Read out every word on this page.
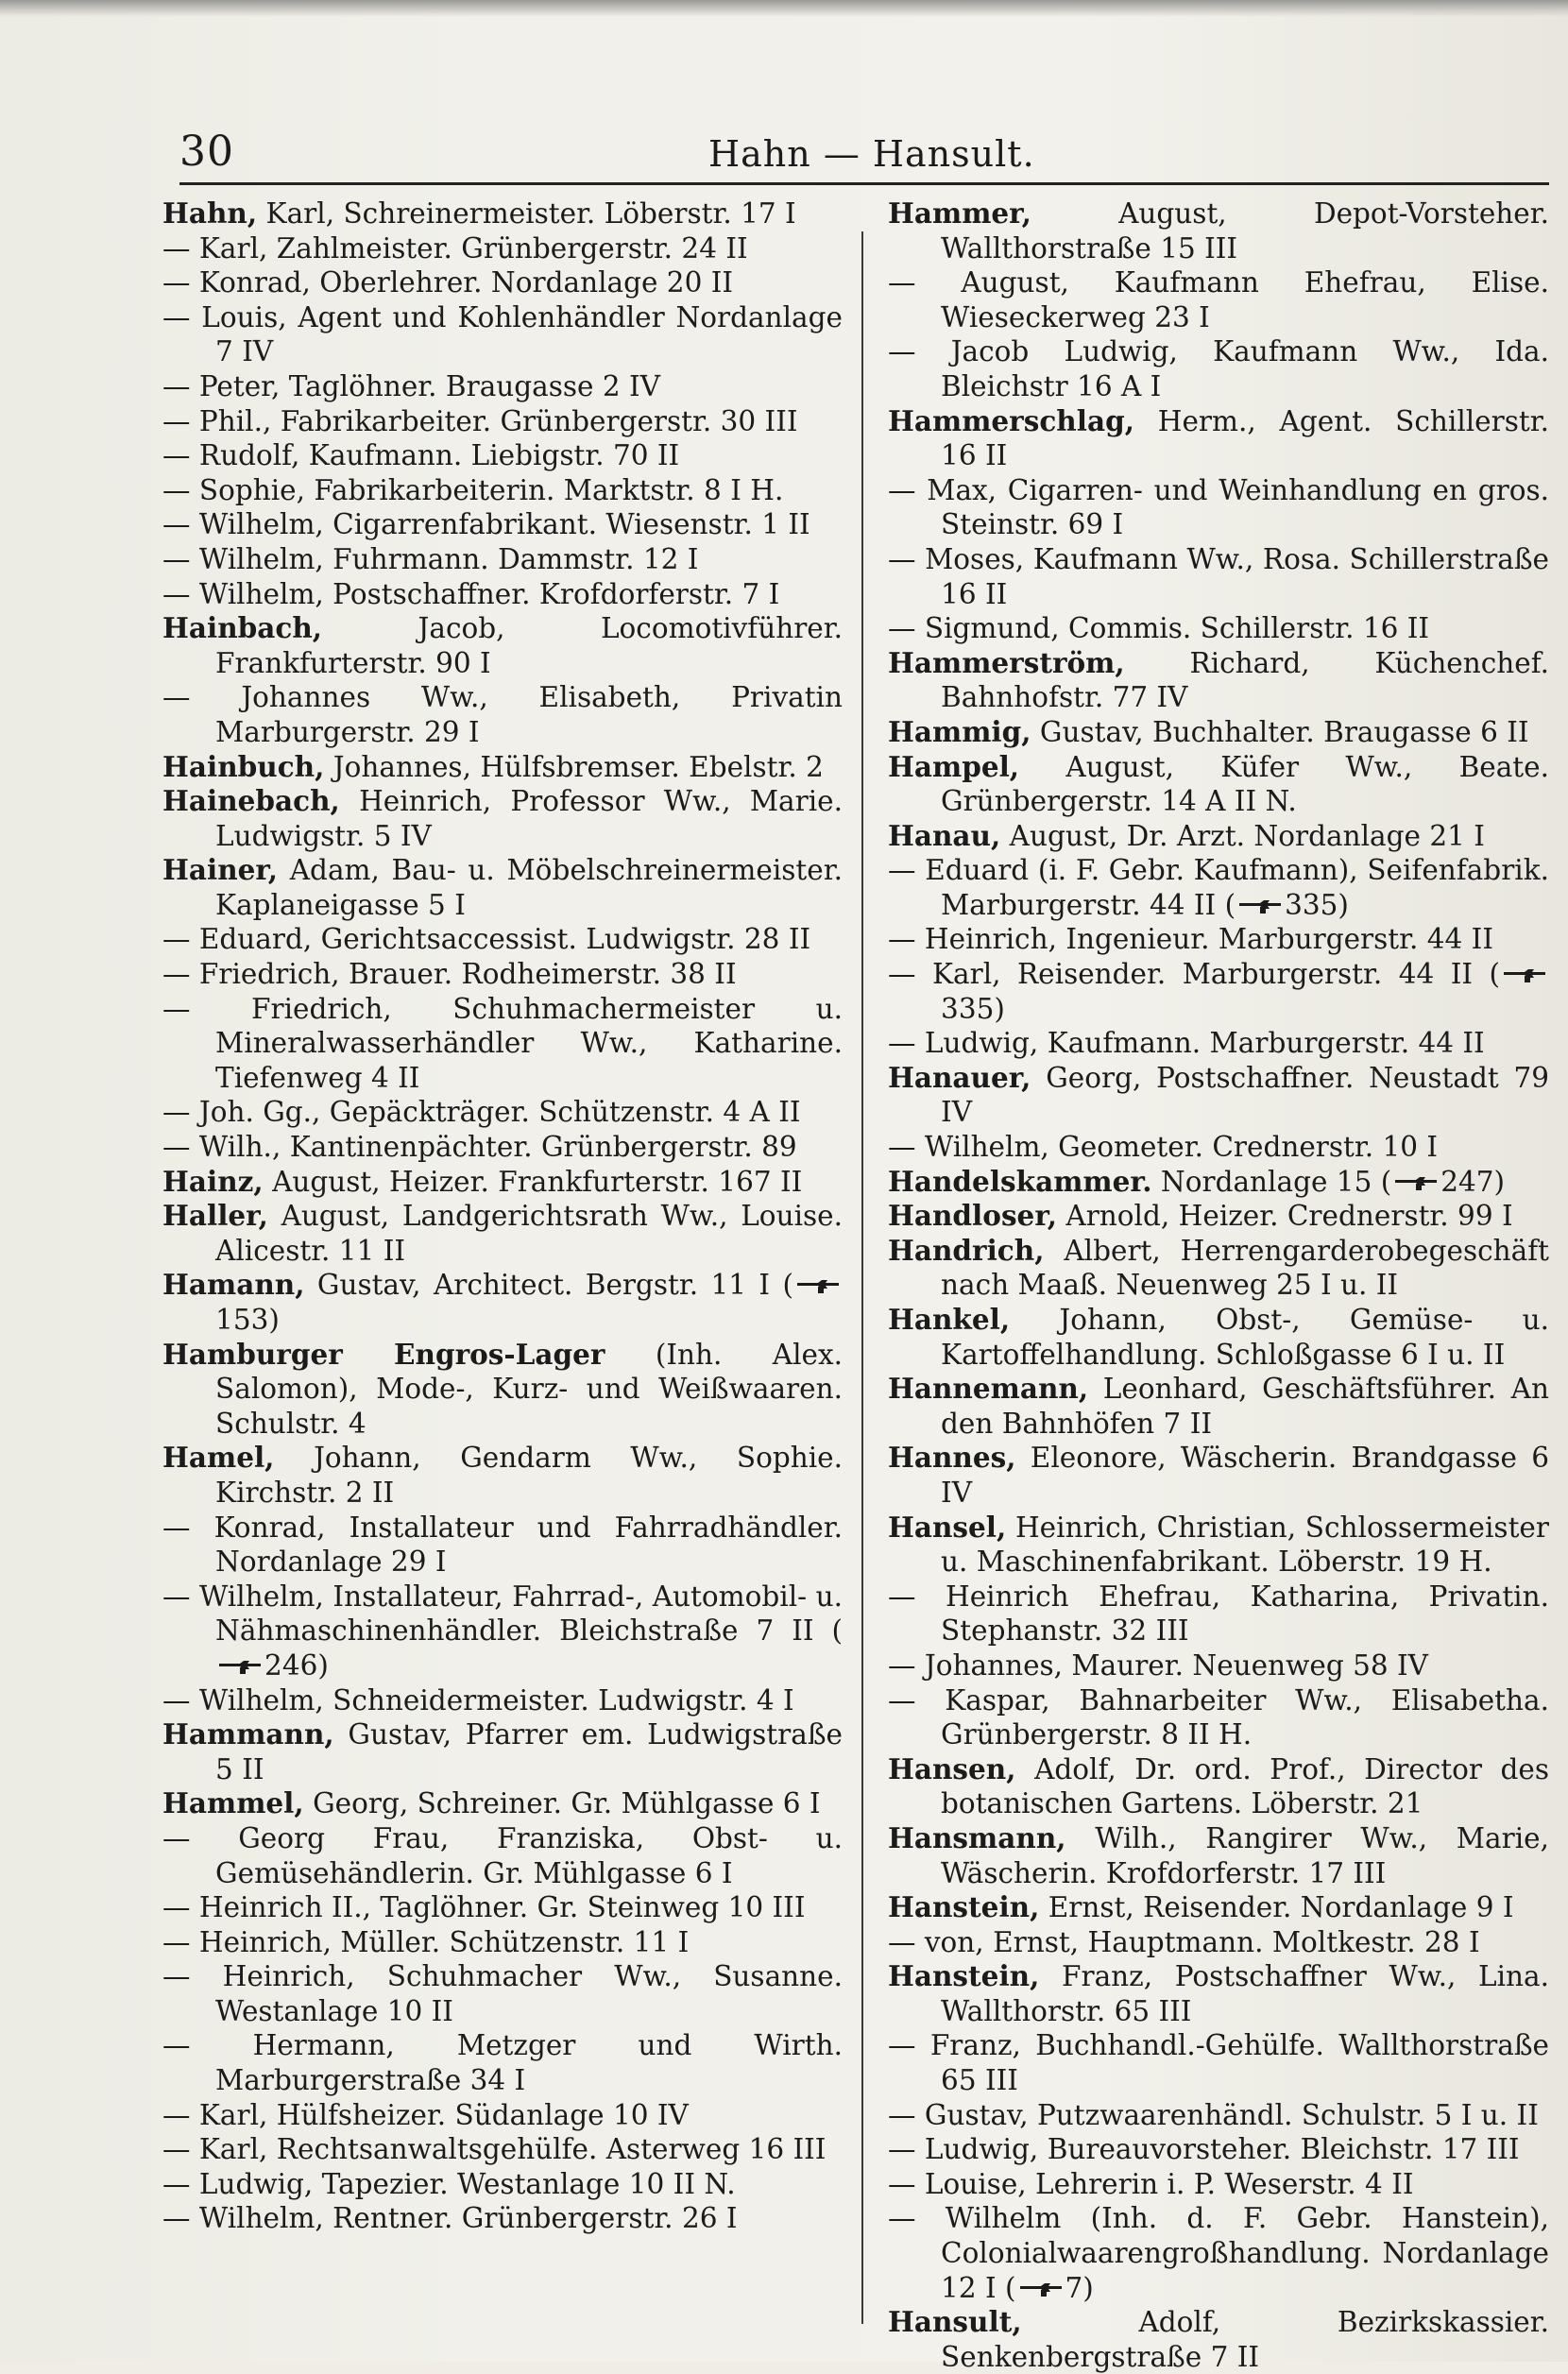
30	Hahn — Hansult.

Hahn, Karl, Schreinermeister. Löberstr. 17 I

— Karl, Zahlmeister. Grünbergerstr. 24 II

— Konrad, Oberlehrer. Nordanlage 20 II

— Louis, Agent und Kohlenhändler Nordanlage 7 IV

— Peter, Taglöhner. Braugasse 2 IV

— Phil., Fabrikarbeiter. Grünbergerstr. 30 III

— Rudolf, Kaufmann. Liebigstr. 70 II

— Sophie, Fabrikarbeiterin. Marktstr. 8 I H.

— Wilhelm, Cigarrenfabrikant. Wiesenstr. 1 II

— Wilhelm, Fuhrmann. Dammstr. 12 I

— Wilhelm, Postschaffner. Krofdorferstr. 7 I

Hainbach,	Jacob, Locomotivführer. Frankfurterstr. 90 I

— Johannes Ww., Elisabeth, Privatin Marburgerstr. 29 I

Hainbuch, Johannes, Hülfsbremser. Ebelstr. 2

Hainebach, Heinrich, Professor Ww., Marie. Ludwigstr. 5 IV

Hainer, Adam, Bau- u. Möbelschreinermeister. Kaplaneigasse 5 I

— Eduard, Gerichtsaccessist. Ludwigstr. 28 II

— Friedrich, Brauer. Rodheimerstr. 38 II

— Friedrich, Schuhmachermeister u. Mineralwasserhändler Ww., Katharine. Tiefenweg 4 II

— Joh. Gg., Gepäckträger. Schützenstr. 4 A II

— Wilh., Kantinenpächter. Grünbergerstr. 89

Hainz, August, Heizer. Frankfurterstr. 167 II

Haller, August, Landgerichtsrath Ww., Louise. Alicestr. 11 II

Hamann, Gustav, Architect. Bergstr. 11 I (153)

Hamburger Engros-Lager (Inh. Alex. Salomon), Mode-, Kurz- und Weißwaaren. Schulstr. 4

Hamel, Johann, Gendarm Ww., Sophie. Kirchstr. 2 II

— Konrad, Installateur und Fahrradhändler. Nordanlage 29 I

— Wilhelm, Installateur, Fahrrad-, Automobil- u. Nähmaschinenhändler. Bleichstraße 7 II (246)

— Wilhelm, Schneidermeister. Ludwigstr. 4 I

Hammann, Gustav, Pfarrer em. Ludwigstraße 5 II

Hammel, Georg, Schreiner. Gr. Mühlgasse 6 I

— Georg Frau, Franziska, Obst- u. Gemüsehändlerin. Gr. Mühlgasse 6 I

— Heinrich II., Taglöhner. Gr. Steinweg 10 III

— Heinrich, Müller. Schützenstr. 11 I

— Heinrich, Schuhmacher Ww., Susanne. Westanlage 10 II

— Hermann, Metzger und Wirth. Marburgerstraße 34 I

— Karl, Hülfsheizer. Südanlage 10 IV

— Karl, Rechtsanwaltsgehülfe. Asterweg 16 III

— Ludwig, Tapezier. Westanlage 10 II N.

— Wilhelm, Rentner. Grünbergerstr. 26 I

Hammer,	August, Depot-Vorsteher. Wallthorstraße 15 III

— August, Kaufmann Ehefrau, Elise. Wieseckerweg 23 I

— Jacob Ludwig, Kaufmann Ww., Ida. Bleichstr 16 A I

Hammerschlag, Herm., Agent. Schillerstr. 16 II

— Max, Cigarren- und Weinhandlung en gros. Steinstr. 69 I

— Moses, Kaufmann Ww., Rosa. Schillerstraße 16 II

— Sigmund, Commis. Schillerstr. 16 II

Hammerström, Richard, Küchenchef. Bahnhofstr. 77 IV

Hammig, Gustav, Buchhalter. Braugasse 6 II

Hampel, August, Küfer Ww., Beate. Grünbergerstr. 14 A II N.

Hanau, August, Dr. Arzt. Nordanlage 21 I

— Eduard (i. F. Gebr. Kaufmann), Seifenfabrik. Marburgerstr. 44 II ( 335)

— Heinrich, Ingenieur. Marburgerstr. 44 II

— Karl, Reisender. Marburgerstr. 44 II (335)

— Ludwig, Kaufmann. Marburgerstr. 44 II

Hanauer, Georg, Postschaffner. Neustadt 79 IV

— Wilhelm, Geometer. Crednerstr. 10 I

Handelskammer. Nordanlage 15 ( 247)

Handloser, Arnold, Heizer. Crednerstr. 99 I

Handrich, Albert, Herrengarderobegeschäft nach Maaß. Neuenweg 25 I u. II

Hankel, Johann, Obst-, Gemüse- u. Kartoffelhandlung. Schloßgasse 6 I u. II

Hannemann, Leonhard, Geschäftsführer. An den Bahnhöfen 7 II

Hannes, Eleonore, Wäscherin. Brandgasse 6 IV

Hansel, Heinrich, Christian, Schlossermeister u. Maschinenfabrikant. Löberstr. 19 H.

— Heinrich Ehefrau, Katharina, Privatin. Stephanstr. 32 III

— Johannes, Maurer. Neuenweg 58 IV

— Kaspar, Bahnarbeiter Ww., Elisabetha. Grünbergerstr. 8 II H.

Hansen, Adolf, Dr. ord. Prof., Director des botanischen Gartens. Löberstr. 21

Hansmann, Wilh., Rangirer Ww., Marie, Wäscherin. Krofdorferstr. 17 III

Hanstein, Ernst, Reisender. Nordanlage 9 I

— von, Ernst, Hauptmann. Moltkestr. 28 I

Hanstein, Franz, Postschaffner Ww., Lina. Wallthorstr. 65 III

— Franz, Buchhandl.-Gehülfe. Wallthorstraße 65 III

— Gustav, Putzwaarenhändl. Schulstr. 5 I u. II

— Ludwig, Bureauvorsteher. Bleichstr. 17 III

— Louise, Lehrerin i. P. Weserstr. 4 II

— Wilhelm (Inh. d. F. Gebr. Hanstein), Colonialwaarengroßhandlung. Nordanlage 12 I ( 7)

Hansult,	Adolf, Bezirkskassier. Senkenbergstraße 7 II
